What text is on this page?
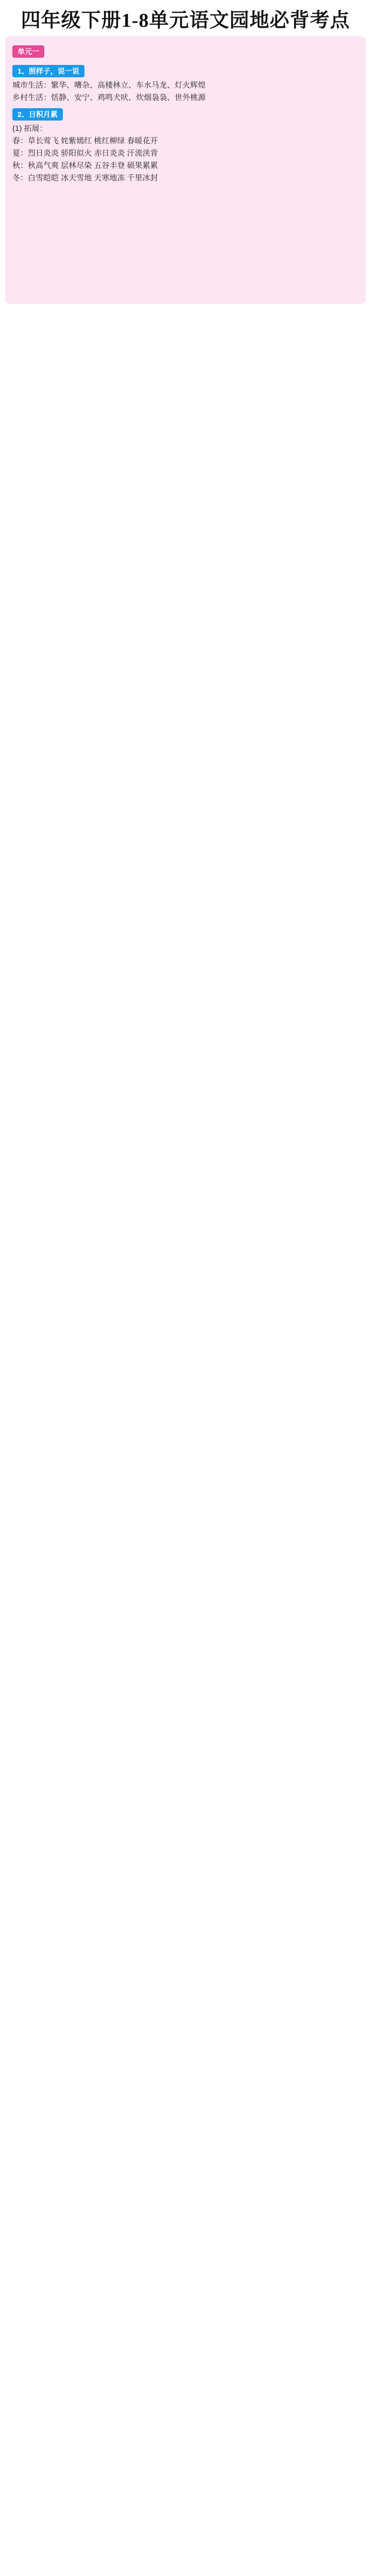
四年级下册1-8单元语文园地必背考点
单元一
1、照样子，说一说
城市生活：繁华、嘈杂、高楼林立、车水马龙、灯火辉煌
乡村生活：恬静、安宁、鸡鸣犬吠、炊烟袅袅、世外桃源
2、日积月累
(1) 拓展：
春：草长莺飞 姹紫嫣红 桃红柳绿 春暖花开
夏：烈日炎炎 骄阳似火 赤日炎炎 汗流浃背
秋：秋高气爽 层林尽染 五谷丰登 硕果累累
冬：白雪皑皑 冰天雪地 天寒地冻 千里冰封
